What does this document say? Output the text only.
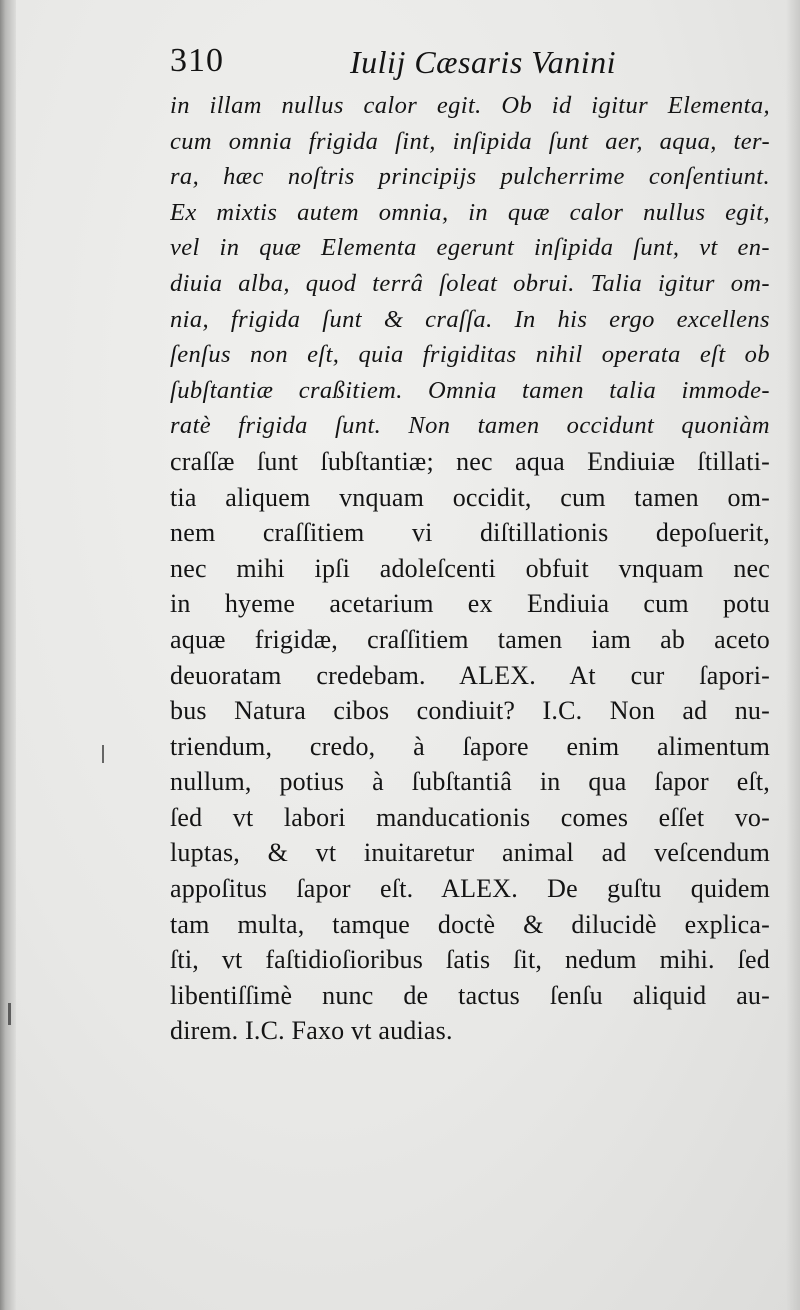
310	Iulij Cæsaris Vanini
in illam nullus calor egit. Ob id igitur Elementa,
cum omnia frigida ſint, inſipida ſunt aer, aqua, ter-
ra, hæc noſtris principijs pulcherrime conſentiunt.
Ex mixtis autem omnia, in quæ calor nullus egit,
vel in quæ Elementa egerunt inſipida ſunt, vt en-
diuia alba, quod terrâ ſoleat obrui. Talia igitur om-
nia, frigida ſunt & craſſa. In his ergo excellens
ſenſus non eſt, quia frigiditas nihil operata eſt ob
ſubſtantiæ craßitiem. Omnia tamen talia immode-
ratè frigida ſunt. Non tamen occidunt quoniàm
craſſæ ſunt ſubſtantiæ; nec aqua Endiuiæ ſtillati-
tia aliquem vnquam occidit, cum tamen om-
nem craſſitiem vi diſtillationis depoſuerit,
nec mihi ipſi adoleſcenti obfuit vnquam nec
in hyeme acetarium ex Endiuia cum potu
aquæ frigidæ, craſſitiem tamen iam ab aceto
deuoratam credebam. ALEX. At cur ſapori-
bus Natura cibos condiuit? I.C. Non ad nu-
triendum, credo, à ſapore enim alimentum
nullum, potius à ſubſtantiâ in qua ſapor eſt,
ſed vt labori manducationis comes eſſet vo-
luptas, & vt inuitaretur animal ad veſcendum
appoſitus ſapor eſt. ALEX. De guſtu quidem
tam multa, tamque doctè & dilucidè explica-
ſti, vt faſtidioſioribus ſatis ſit, nedum mihi. ſed
libentiſſimè nunc de tactus ſenſu aliquid au-
direm. I.C. Faxo vt audias.
